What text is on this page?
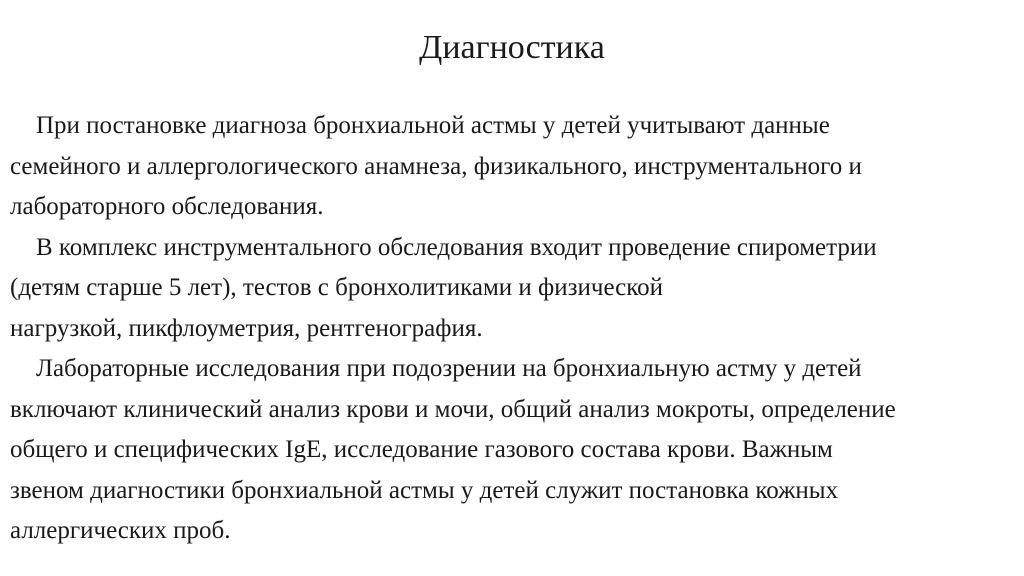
Диагностика
При постановке диагноза бронхиальной астмы у детей учитывают данные
семейного и аллергологического анамнеза, физикального, инструментального и
лабораторного обследования.
В комплекс инструментального обследования входит проведение спирометрии
(детям старше 5 лет), тестов с бронхолитиками и физической
нагрузкой, пикфлоуметрия, рентгенография.
Лабораторные исследования при подозрении на бронхиальную астму у детей
включают клинический анализ крови и мочи, общий анализ мокроты, определение
общего и специфических IgE, исследование газового состава крови. Важным
звеном диагностики бронхиальной астмы у детей служит постановка кожных
аллергических проб.
